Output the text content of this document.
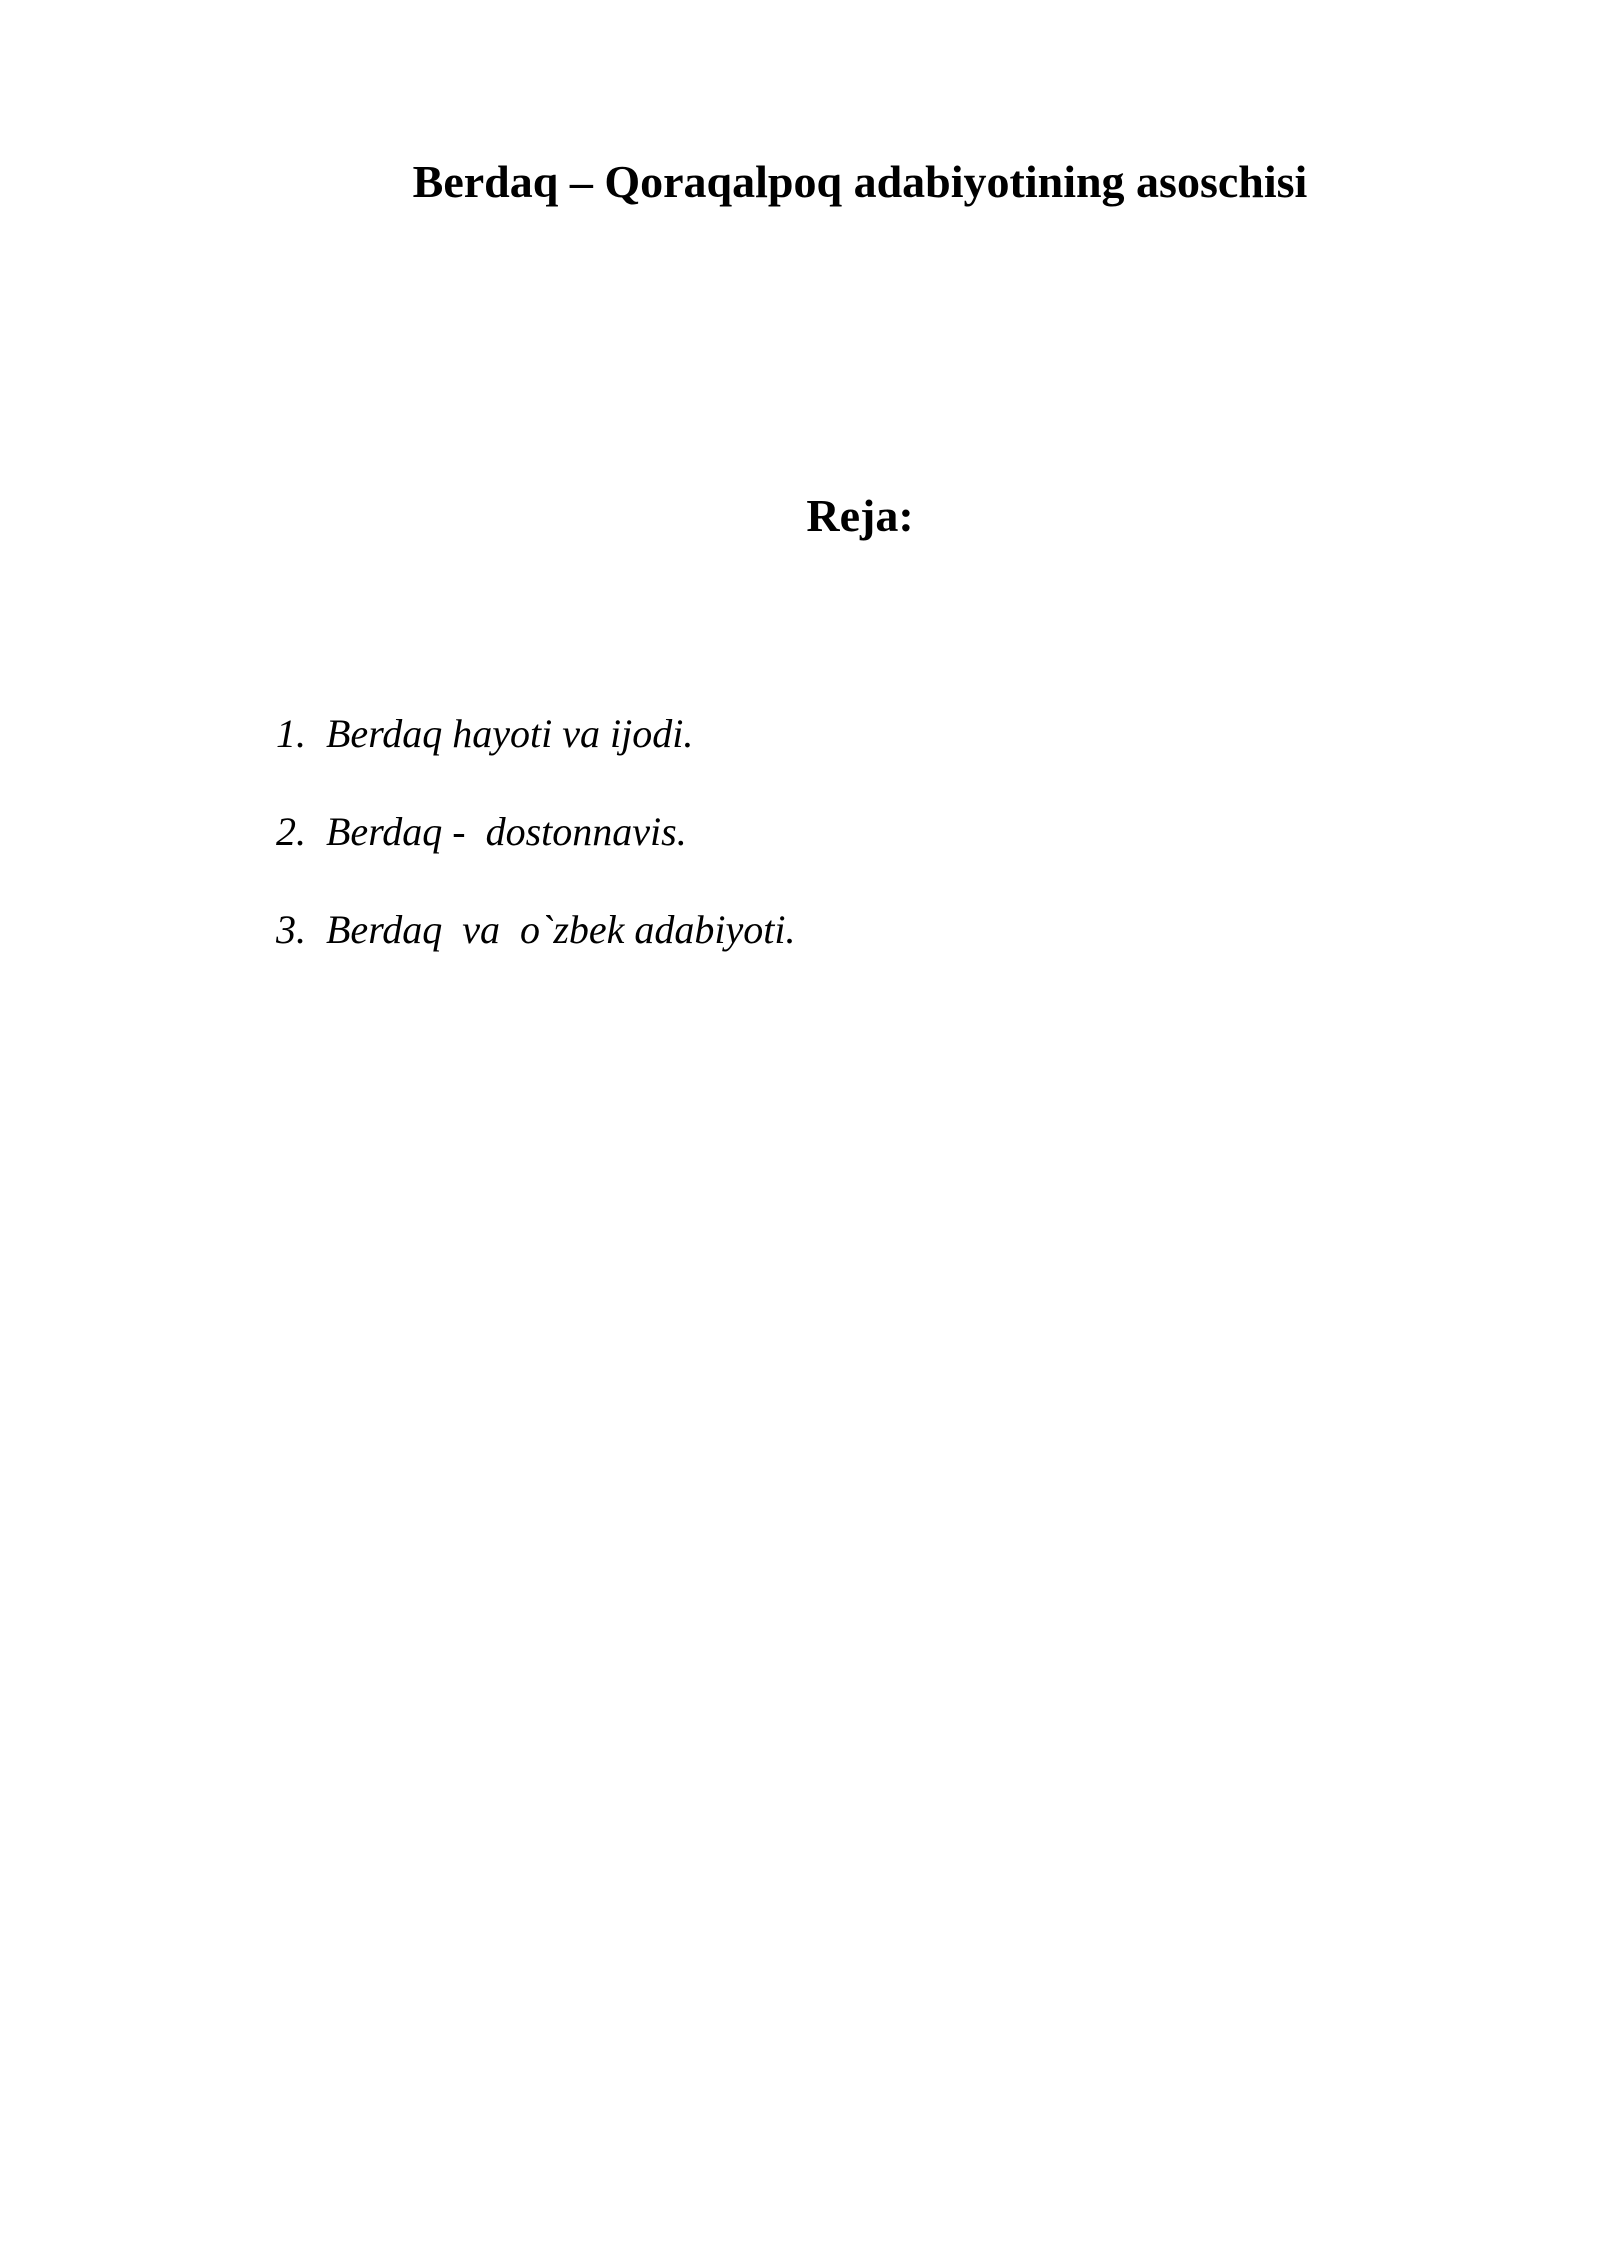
Berdaq – Qoraqalpoq adabiyotining asoschisi
Reja:
1. Berdaq hayoti va ijodi.
2. Berdaq -  dostonnavis.
3. Berdaq  va  o`zbek adabiyoti.
